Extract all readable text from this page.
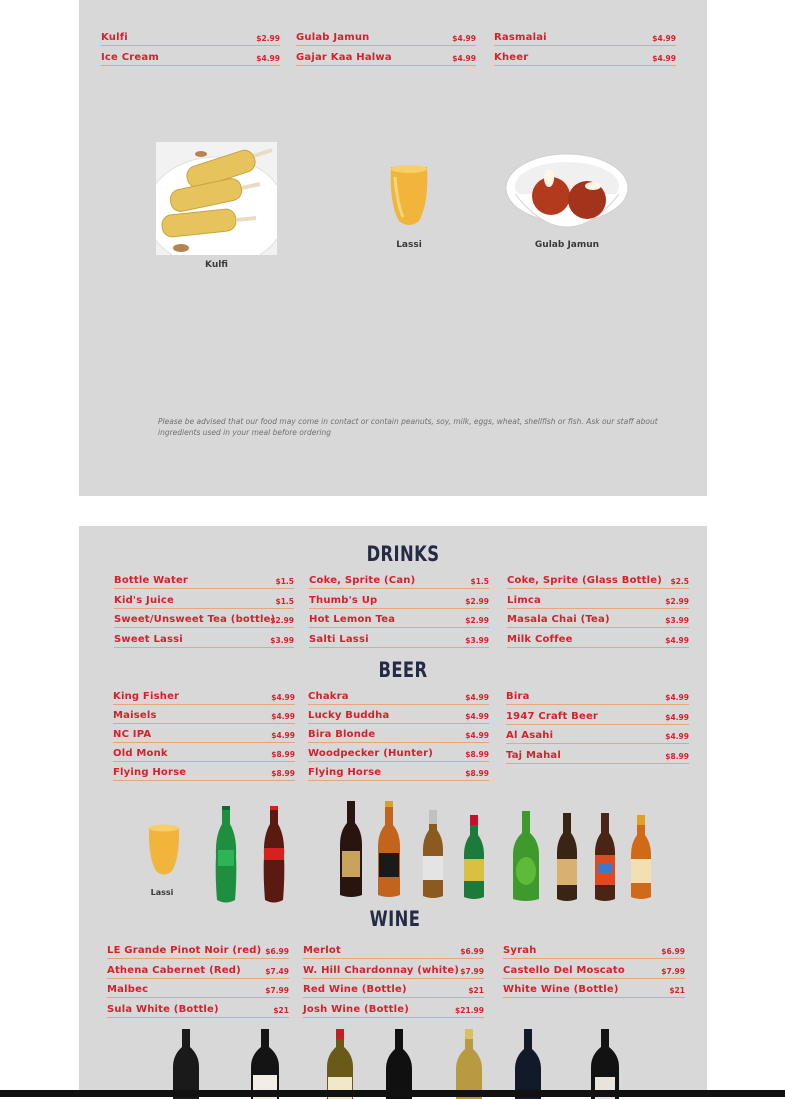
Kulfi	$2.99
Ice Cream	$4.99
Gulab Jamun	$4.99
Gajar Kaa Halwa	$4.99
Rasmalai	$4.99
Kheer	$4.99
Kulfi
Lassi	Gulab Jamun
Please be advised that our food may come in contact or contain peanuts, soy, milk, eggs, wheat, shellfish or fish. Ask our staff about ingredients used in your meal before ordering
DRINKS
Bottle Water	$1.5
Kid's Juice	$1.5
Sweet/Unsweet Tea (bottle)
$2.99
Sweet Lassi	$3.99
Coke, Sprite (Can)	$1.5
Thumb's Up	$2.99
Hot Lemon Tea	$2.99
Salti Lassi	$3.99
Coke, Sprite (Glass Bottle) $2.5
Limca	$2.99
Masala Chai (Tea)	$3.99
Milk Coffee	$4.99
BEER
King Fisher	$4.99
Maisels	$4.99
NC IPA	$4.99
Old Monk	$8.99
Flying Horse	$8.99
Chakra	$4.99
Lucky Buddha	$4.99
Bira Blonde	$4.99
Woodpecker (Hunter)	$8.99
Flying Horse	$8.99
Bira	$4.99
1947 Craft Beer	$4.99
Al Asahi	$4.99
Taj Mahal	$8.99
Lassi
WINE
LE Grande Pinot Noir (red) $6.99
Athena Cabernet (Red)	$7.49
Malbec	$7.99
Sula White (Bottle)	$21
Merlot	$6.99
W. Hill Chardonnay (white) $7.99
Red Wine (Bottle)	$21
Josh Wine (Bottle)	$21.99
Syrah	$6.99
Castello Del Moscato	$7.99
White Wine (Bottle)	$21
